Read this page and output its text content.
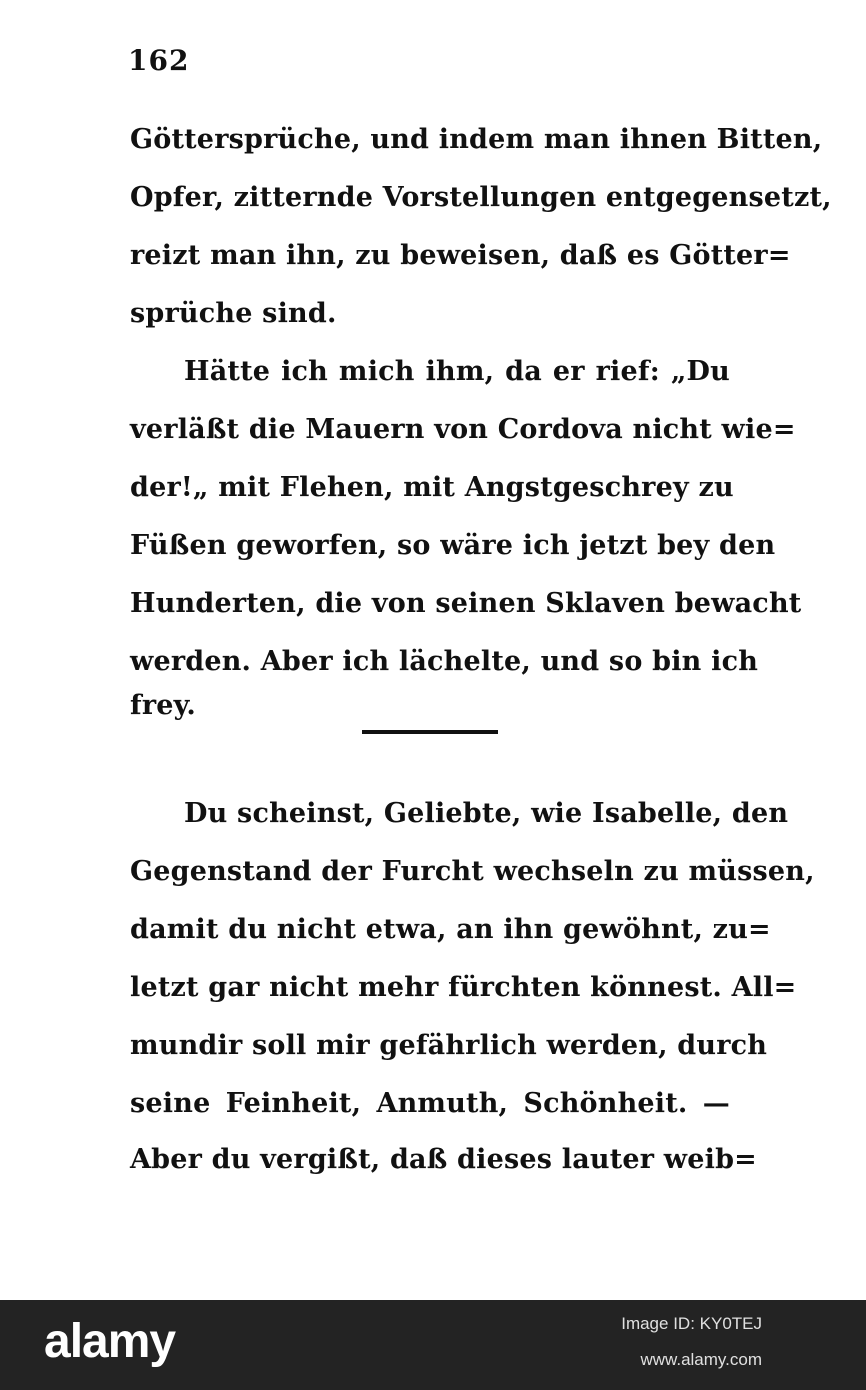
162
Göttersprüche, und indem man ihnen Bitten,
Opfer, zitternde Vorstellungen entgegensetzt,
reizt man ihn, zu beweisen, daß es Götter=
sprüche sind.
Hätte ich mich ihm, da er rief: „Du
verläßt die Mauern von Cordova nicht wie=
der!„ mit Flehen, mit Angstgeschrey zu
Füßen geworfen, so wäre ich jetzt bey den
Hunderten, die von seinen Sklaven bewacht
werden. Aber ich lächelte, und so bin ich
frey.
Du scheinst, Geliebte, wie Isabelle, den
Gegenstand der Furcht wechseln zu müssen,
damit du nicht etwa, an ihn gewöhnt, zu=
letzt gar nicht mehr fürchten könnest. All=
mundir soll mir gefährlich werden, durch
seine Feinheit, Anmuth, Schönheit. —
Aber du vergißt, daß dieses lauter weib=
alamy	Image ID: KY0TEJ
www.alamy.com
